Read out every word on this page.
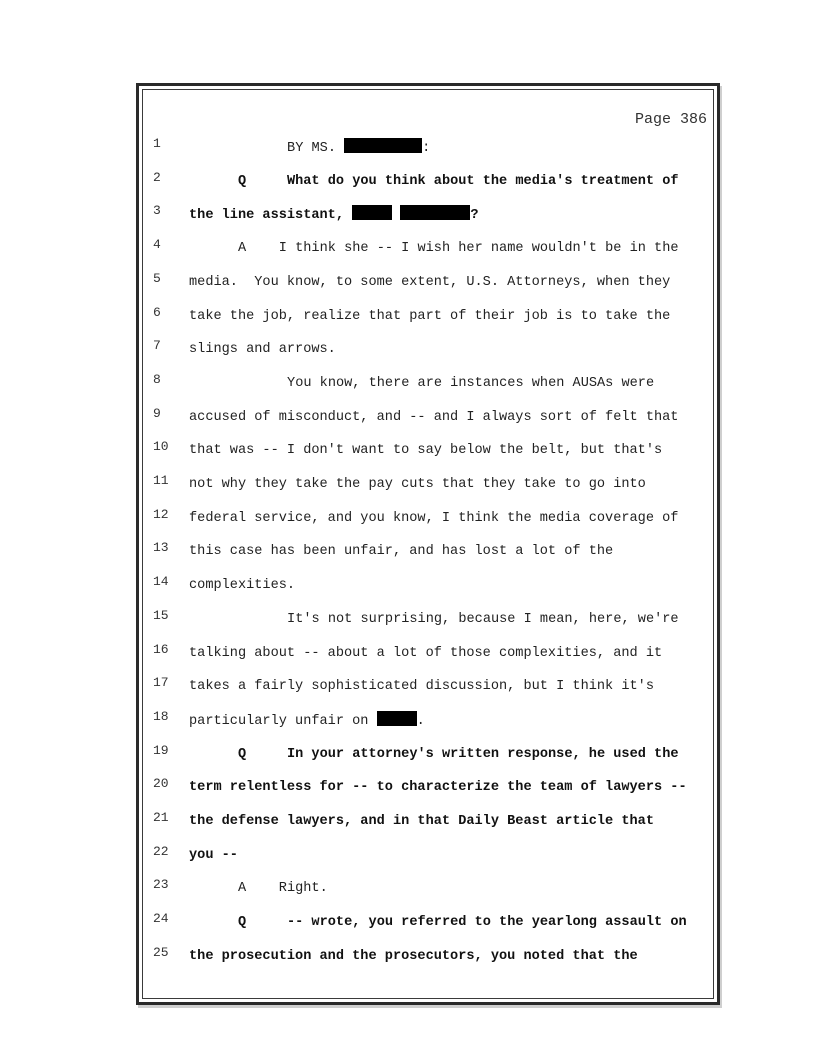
Page 386
1	BY MS.	:
2	Q     What do you think about the media's treatment of
3	the line assistant,	?
4	A    I think she -- I wish her name wouldn't be in the
5	media.  You know, to some extent, U.S. Attorneys, when they
6	take the job, realize that part of their job is to take the
7	slings and arrows.
8	You know, there are instances when AUSAs were
9	accused of misconduct, and -- and I always sort of felt that
10	that was -- I don't want to say below the belt, but that's
11	not why they take the pay cuts that they take to go into
12	federal service, and you know, I think the media coverage of
13	this case has been unfair, and has lost a lot of the
14	complexities.
15	It's not surprising, because I mean, here, we're
16	talking about -- about a lot of those complexities, and it
17	takes a fairly sophisticated discussion, but I think it's
18	particularly unfair on	.
19	Q     In your attorney's written response, he used the
20	term relentless for -- to characterize the team of lawyers --
21	the defense lawyers, and in that Daily Beast article that
22	you --
23	A    Right.
24	Q     -- wrote, you referred to the yearlong assault on
25	the prosecution and the prosecutors, you noted that the
